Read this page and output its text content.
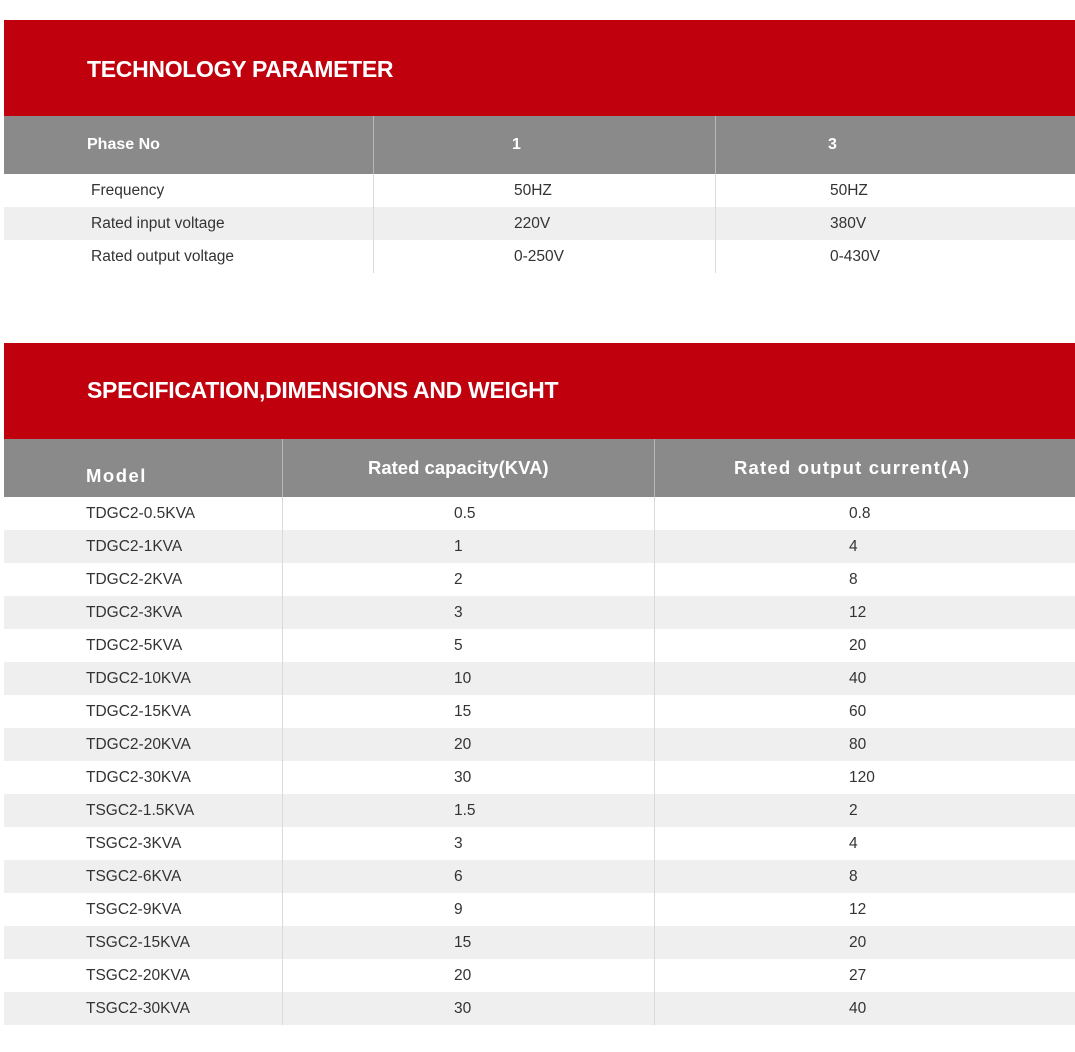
TECHNOLOGY PARAMETER
Phase No	1	3
Frequency	50HZ	50HZ
Rated input voltage	220V	380V
Rated output voltage	0-250V	0-430V
SPECIFICATION,DIMENSIONS AND WEIGHT
Model	Rated capacity(KVA)	Rated output current(A)
TDGC2-0.5KVA	0.5	0.8
TDGC2-1KVA	1	4
TDGC2-2KVA	2	8
TDGC2-3KVA	3	12
TDGC2-5KVA	5	20
TDGC2-10KVA	10	40
TDGC2-15KVA	15	60
TDGC2-20KVA	20	80
TDGC2-30KVA	30	120
TSGC2-1.5KVA	1.5	2
TSGC2-3KVA	3	4
TSGC2-6KVA	6	8
TSGC2-9KVA	9	12
TSGC2-15KVA	15	20
TSGC2-20KVA	20	27
TSGC2-30KVA	30	40
